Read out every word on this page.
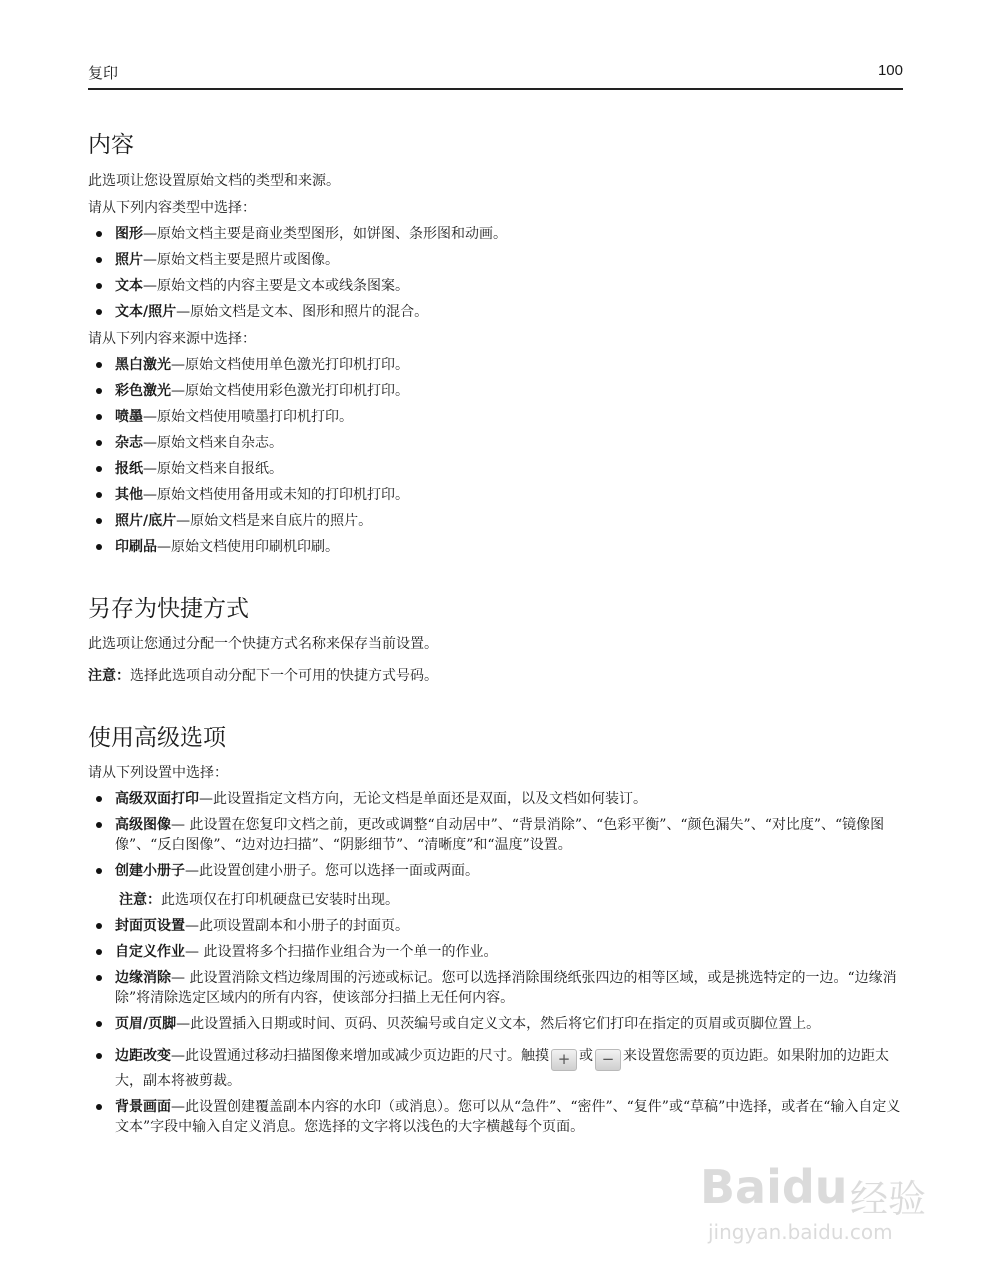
复印	100
内容

此选项让您设置原始文档的类型和来源。

请从下列内容类型中选择：

图形—原始文档主要是商业类型图形，如饼图、条形图和动画。
照片—原始文档主要是照片或图像。
文本—原始文档的内容主要是文本或线条图案。
文本/照片—原始文档是文本、图形和照片的混合。

请从下列内容来源中选择：

黑白激光—原始文档使用单色激光打印机打印。
彩色激光—原始文档使用彩色激光打印机打印。
喷墨—原始文档使用喷墨打印机打印。
杂志—原始文档来自杂志。
报纸—原始文档来自报纸。
其他—原始文档使用备用或未知的打印机打印。
照片/底片—原始文档是来自底片的照片。
印刷品—原始文档使用印刷机印刷。
另存为快捷方式

此选项让您通过分配一个快捷方式名称来保存当前设置。

注意：选择此选项自动分配下一个可用的快捷方式号码。

使用高级选项

请从下列设置中选择：

高级双面打印—此设置指定文档方向，无论文档是单面还是双面，以及文档如何装订。
高级图像— 此设置在您复印文档之前，更改或调整“自动居中”、“背景消除”、“色彩平衡”、“颜色漏失”、“对比度”、“镜像图像”、“反白图像”、“边对边扫描”、“阴影细节”、“清晰度”和“温度”设置。
创建小册子—此设置创建小册子。您可以选择一面或两面。

注意：此选项仅在打印机硬盘已安装时出现。

封面页设置—此项设置副本和小册子的封面页。
自定义作业— 此设置将多个扫描作业组合为一个单一的作业。
边缘消除— 此设置消除文档边缘周围的污迹或标记。您可以选择消除围绕纸张四边的相等区域，或是挑选特定的一边。“边缘消除”将清除选定区域内的所有内容，使该部分扫描上无任何内容。
页眉/页脚—此设置插入日期或时间、页码、贝茨编号或自定义文本，然后将它们打印在指定的页眉或页脚位置上。
边距改变—此设置通过移动扫描图像来增加或减少页边距的尺寸。触摸 + 或 − 来设置您需要的页边距。如果附加的边距太大，副本将被剪裁。
背景画面—此设置创建覆盖副本内容的水印（或消息）。您可以从“急件”、“密件”、“复件”或“草稿”中选择，或者在“输入自定义文本”字段中输入自定义消息。您选择的文字将以浅色的大字横越每个页面。
Baidu 经验
jingyan.baidu.com
